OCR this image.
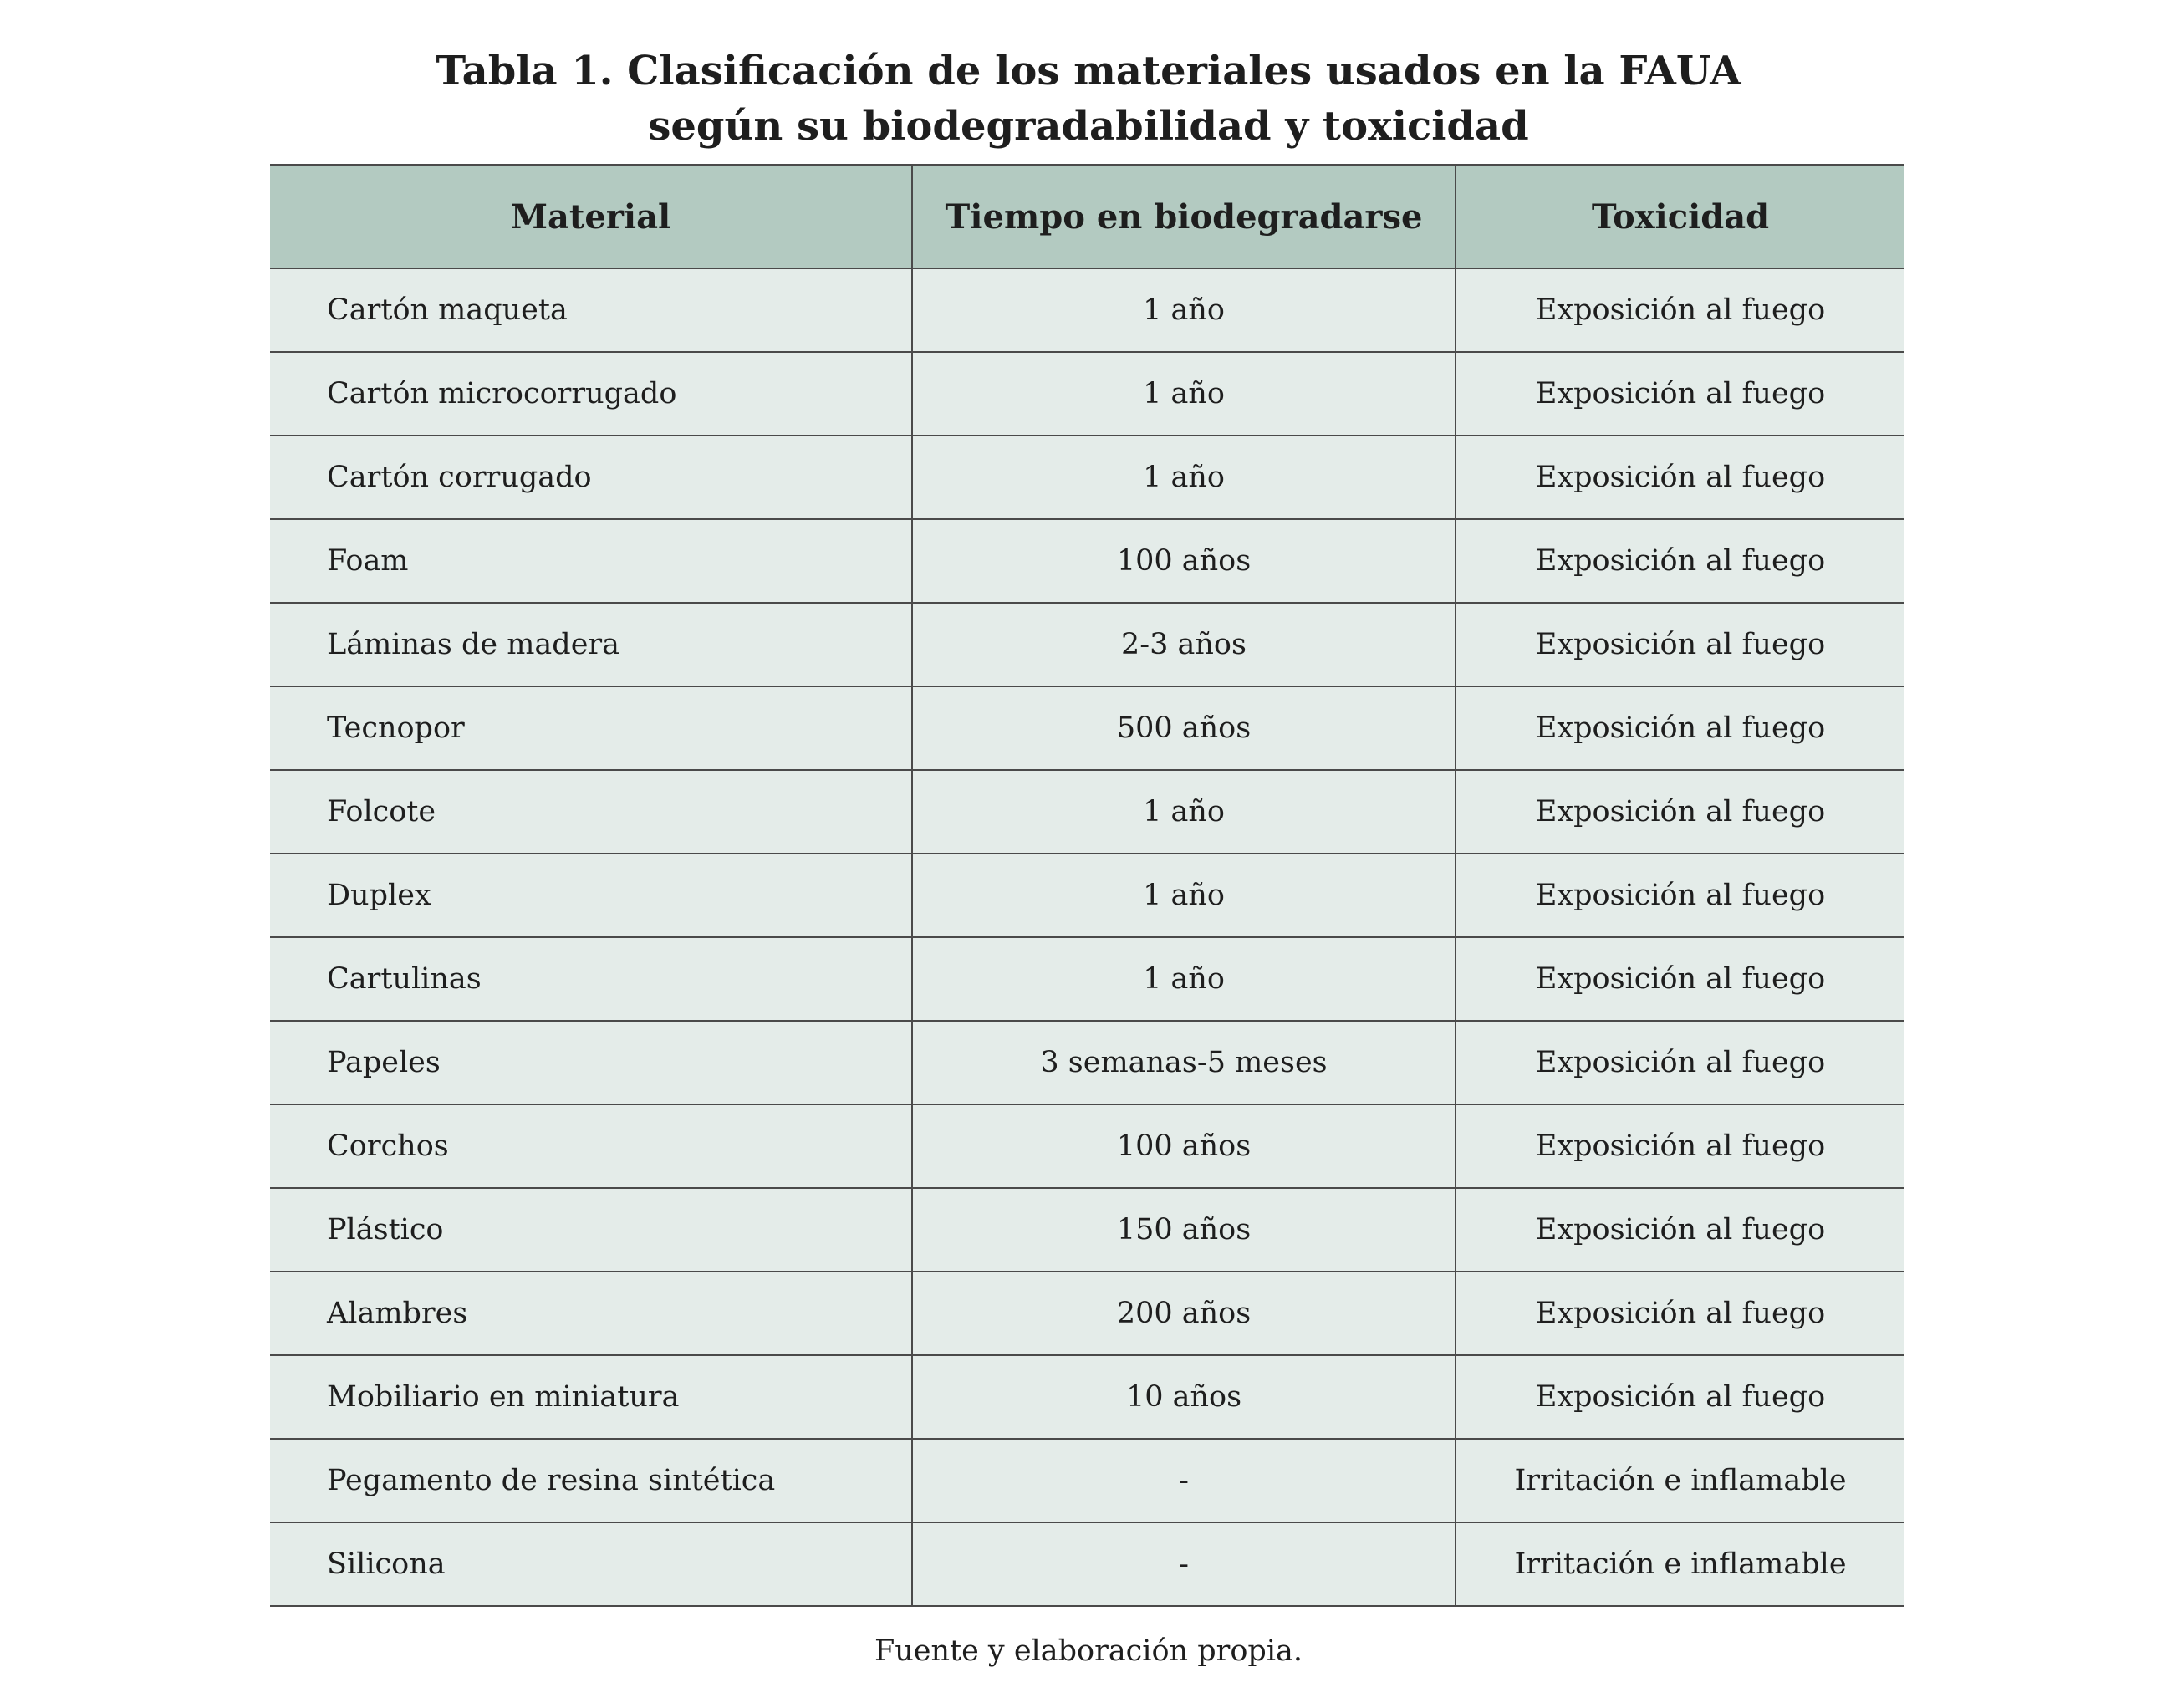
Tabla 1. Clasificación de los materiales usados en la FAUA
según su biodegradabilidad y toxicidad
Material	Tiempo en biodegradarse	Toxicidad
Cartón maqueta	1 año	Exposición al fuego
Cartón microcorrugado	1 año	Exposición al fuego
Cartón corrugado	1 año	Exposición al fuego
Foam	100 años	Exposición al fuego
Láminas de madera	2-3 años	Exposición al fuego
Tecnopor	500 años	Exposición al fuego
Folcote	1 año	Exposición al fuego
Duplex	1 año	Exposición al fuego
Cartulinas	1 año	Exposición al fuego
Papeles	3 semanas-5 meses	Exposición al fuego
Corchos	100 años	Exposición al fuego
Plástico	150 años	Exposición al fuego
Alambres	200 años	Exposición al fuego
Mobiliario en miniatura	10 años	Exposición al fuego
Pegamento de resina sintética	-	Irritación e inflamable
Silicona	-	Irritación e inflamable
Fuente y elaboración propia.
